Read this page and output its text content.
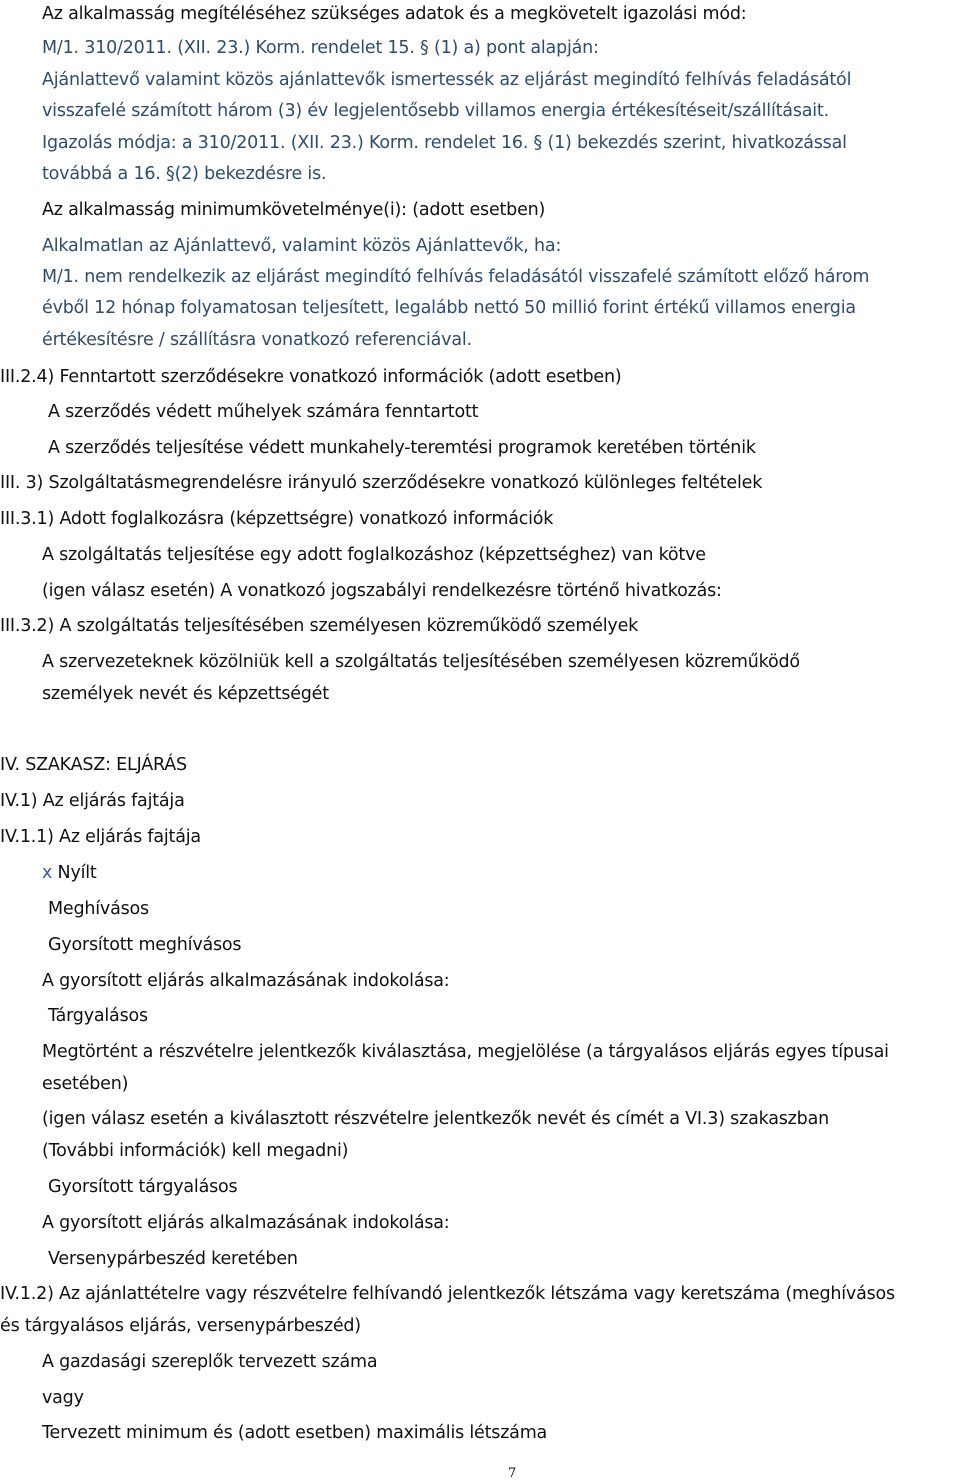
Az alkalmasság megítéléséhez szükséges adatok és a megkövetelt igazolási mód:
M/1. 310/2011. (XII. 23.) Korm. rendelet 15. § (1) a) pont alapján:
Ajánlattevő valamint közös ajánlattevők ismertessék az eljárást megindító felhívás feladásától
visszafelé számított három (3) év legjelentősebb villamos energia értékesítéseit/szállításait.
Igazolás módja: a 310/2011. (XII. 23.) Korm. rendelet 16. § (1) bekezdés szerint, hivatkozással
továbbá a 16. §(2) bekezdésre is.
Az alkalmasság minimumkövetelménye(i): (adott esetben)
Alkalmatlan az Ajánlattevő, valamint közös Ajánlattevők, ha:
M/1. nem rendelkezik az eljárást megindító felhívás feladásától visszafelé számított előző három
évből 12 hónap folyamatosan teljesített, legalább nettó 50 millió forint értékű villamos energia
értékesítésre / szállításra vonatkozó referenciával.
III.2.4) Fenntartott szerződésekre vonatkozó információk (adott esetben)
A szerződés védett műhelyek számára fenntartott
A szerződés teljesítése védett munkahely-teremtési programok keretében történik
III. 3) Szolgáltatásmegrendelésre irányuló szerződésekre vonatkozó különleges feltételek
III.3.1) Adott foglalkozásra (képzettségre) vonatkozó információk
A szolgáltatás teljesítése egy adott foglalkozáshoz (képzettséghez) van kötve
(igen válasz esetén) A vonatkozó jogszabályi rendelkezésre történő hivatkozás:
III.3.2) A szolgáltatás teljesítésében személyesen közreműködő személyek
A szervezeteknek közölniük kell a szolgáltatás teljesítésében személyesen közreműködő
személyek nevét és képzettségét
IV. SZAKASZ: ELJÁRÁS
IV.1) Az eljárás fajtája
IV.1.1) Az eljárás fajtája
x Nyílt
Meghívásos
Gyorsított meghívásos
A gyorsított eljárás alkalmazásának indokolása:
Tárgyalásos
Megtörtént a részvételre jelentkezők kiválasztása, megjelölése (a tárgyalásos eljárás egyes típusai
esetében)
(igen válasz esetén a kiválasztott részvételre jelentkezők nevét és címét a VI.3) szakaszban
(További információk) kell megadni)
Gyorsított tárgyalásos
A gyorsított eljárás alkalmazásának indokolása:
Versenypárbeszéd keretében
IV.1.2) Az ajánlattételre vagy részvételre felhívandó jelentkezők létszáma vagy keretszáma (meghívásos
és tárgyalásos eljárás, versenypárbeszéd)
A gazdasági szereplők tervezett száma
vagy
Tervezett minimum és (adott esetben) maximális létszáma
7
